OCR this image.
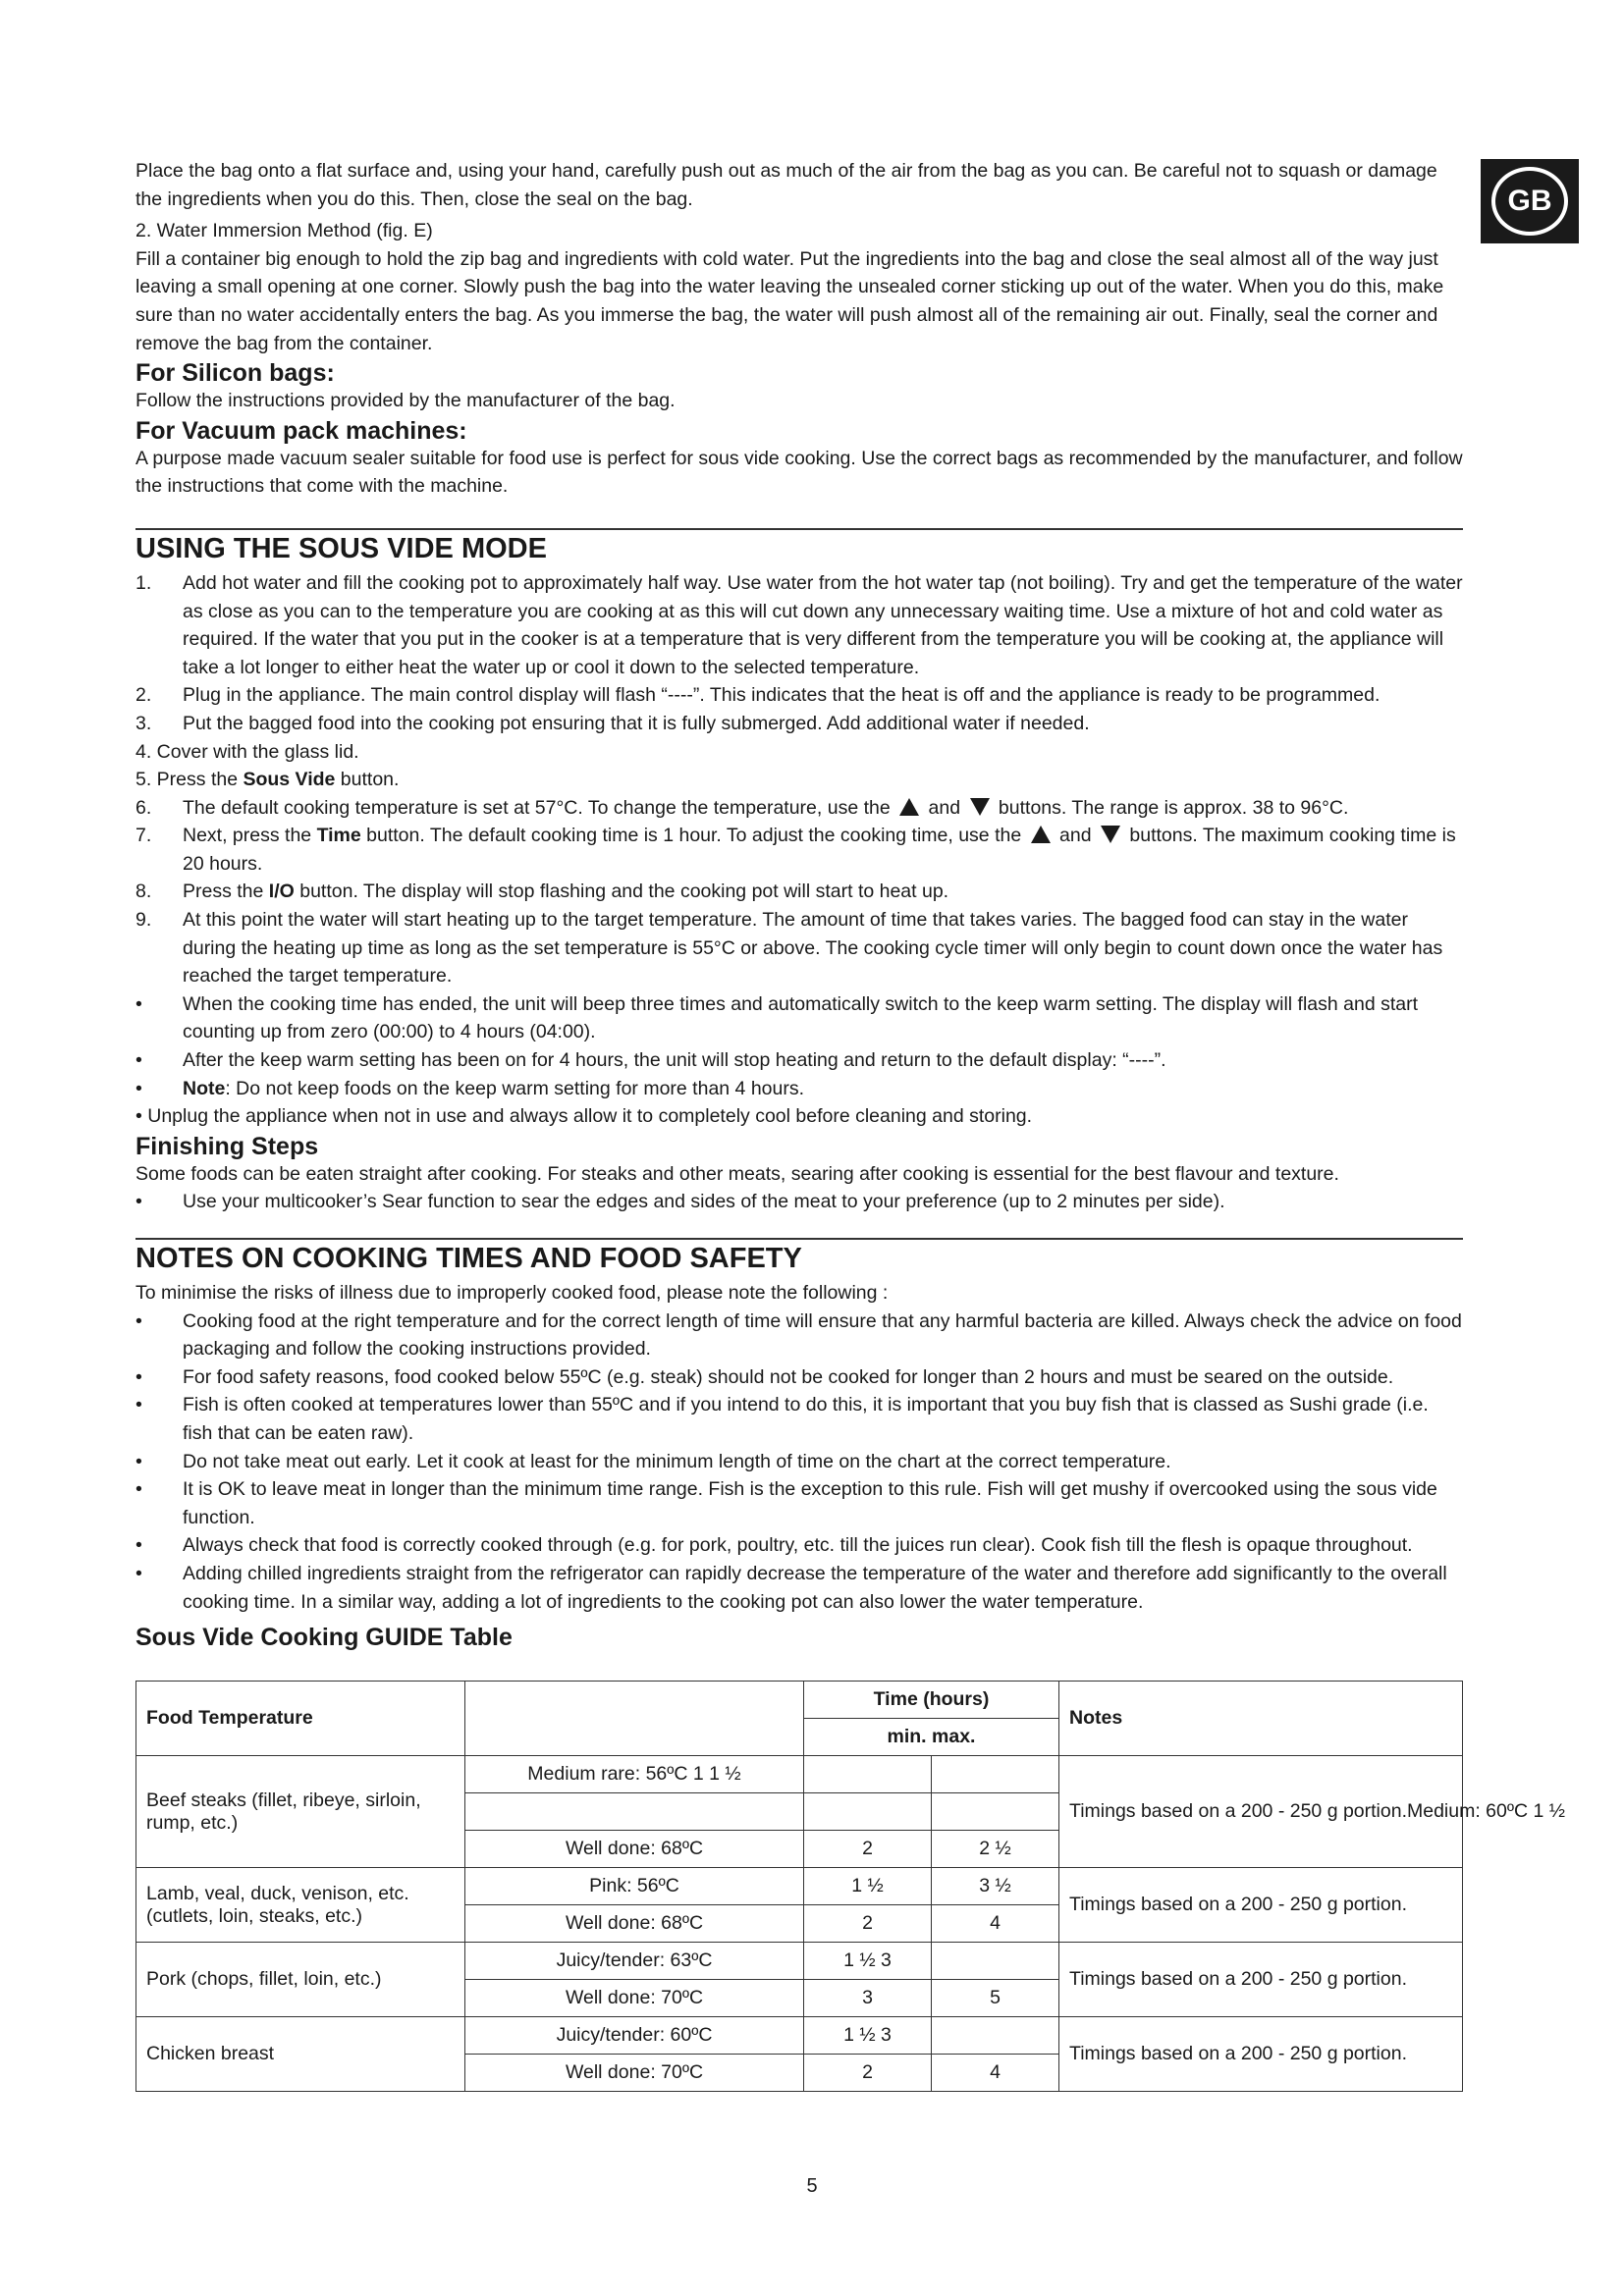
GB

Place the bag onto a flat surface and, using your hand, carefully push out as much of the air from the bag as you can. Be careful not to squash or damage the ingredients when you do this. Then, close the seal on the bag.

2. Water Immersion Method (fig. E)

Fill a container big enough to hold the zip bag and ingredients with cold water. Put the ingredients into the bag and close the seal almost all of the way just leaving a small opening at one corner. Slowly push the bag into the water leaving the unsealed corner sticking up out of the water. When you do this, make sure than no water accidentally enters the bag. As you immerse the bag, the water will push almost all of the remaining air out. Finally, seal the corner and remove the bag from the container.

For Silicon bags:

Follow the instructions provided by the manufacturer of the bag.

For Vacuum pack machines:

A purpose made vacuum sealer suitable for food use is perfect for sous vide cooking. Use the correct bags as recommended by the manufacturer, and follow the instructions that come with the machine.

USING THE SOUS VIDE MODE
1.	Add hot water and fill the cooking pot to approximately half way. Use water from the hot water tap (not boiling). Try and get the temperature of the water as close as you can to the temperature you are cooking at as this will cut down any unnecessary waiting time. Use a mixture of hot and cold water as required. If the water that you put in the cooker is at a temperature that is very different from the temperature you will be cooking at, the appliance will take a lot longer to either heat the water up or cool it down to the selected temperature.
2.	Plug in the appliance. The main control display will flash “----”. This indicates that the heat is off and the appliance is ready to be programmed.
3.	Put the bagged food into the cooking pot ensuring that it is fully submerged. Add additional water if needed.

4. Cover with the glass lid.

5. Press the Sous Vide button.

6.	The default cooking temperature is set at 57°C. To change the temperature, use the  and  buttons. The range is approx. 38 to 96°C.
7.	Next, press the Time button. The default cooking time is 1 hour. To adjust the cooking time, use the  and  buttons. The maximum cooking time is 20 hours.
8.	Press the I/O button. The display will stop flashing and the cooking pot will start to heat up.
9.	At this point the water will start heating up to the target temperature. The amount of time that takes varies. The bagged food can stay in the water during the heating up time as long as the set temperature is 55°C or above. The cooking cycle timer will only begin to count down once the water has reached the target temperature.
•	When the cooking time has ended, the unit will beep three times and automatically switch to the keep warm setting. The display will flash and start counting up from zero (00:00) to 4 hours (04:00).
•	After the keep warm setting has been on for 4 hours, the unit will stop heating and return to the default display: “----”.
•	Note: Do not keep foods on the keep warm setting for more than 4 hours.

• Unplug the appliance when not in use and always allow it to completely cool before cleaning and storing.

Finishing Steps

Some foods can be eaten straight after cooking. For steaks and other meats, searing after cooking is essential for the best flavour and texture.

•	Use your multicooker’s Sear function to sear the edges and sides of the meat to your preference (up to 2 minutes per side).
NOTES ON COOKING TIMES AND FOOD SAFETY

To minimise the risks of illness due to improperly cooked food, please note the following :

•	Cooking food at the right temperature and for the correct length of time will ensure that any harmful bacteria are killed. Always check the advice on food packaging and follow the cooking instructions provided.
•	For food safety reasons, food cooked below 55ºC (e.g. steak) should not be cooked for longer than 2 hours and must be seared on the outside.
•	Fish is often cooked at temperatures lower than 55ºC and if you intend to do this, it is important that you buy fish that is classed as Sushi grade (i.e. fish that can be eaten raw).
•	Do not take meat out early. Let it cook at least for the minimum length of time on the chart at the correct temperature.
•	It is OK to leave meat in longer than the minimum time range. Fish is the exception to this rule. Fish will get mushy if overcooked using the sous vide function.
•	Always check that food is correctly cooked through (e.g. for pork, poultry, etc. till the juices run clear). Cook fish till the flesh is opaque throughout.
•	Adding chilled ingredients straight from the refrigerator can rapidly decrease the temperature of the water and therefore add significantly to the overall cooking time. In a similar way, adding a lot of ingredients to the cooking pot can also lower the water temperature.

Sous Vide Cooking GUIDE Table

Food Temperature		Time (hours)		Notes
		min. max.		
Beef steaks (fillet, ribeye, sirloin, rump, etc.)	Medium rare: 56ºC 1 1 ½			Timings based on a 200 - 250 g portion.Medium: 60ºC 1 ½

	Well done: 68ºC	2	2 ½	
Lamb, veal, duck, venison, etc. (cutlets, loin, steaks, etc.)	Pink: 56ºC	1 ½	3 ½	Timings based on a 200 - 250 g portion.
	Well done: 68ºC	2	4	
Pork (chops, fillet, loin, etc.)	Juicy/tender: 63ºC	1 ½ 3		Timings based on a 200 - 250 g portion.
	Well done: 70ºC	3	5	
Chicken breast	Juicy/tender: 60ºC	1 ½ 3		Timings based on a 200 - 250 g portion.
	Well done: 70ºC	2	4	
5
